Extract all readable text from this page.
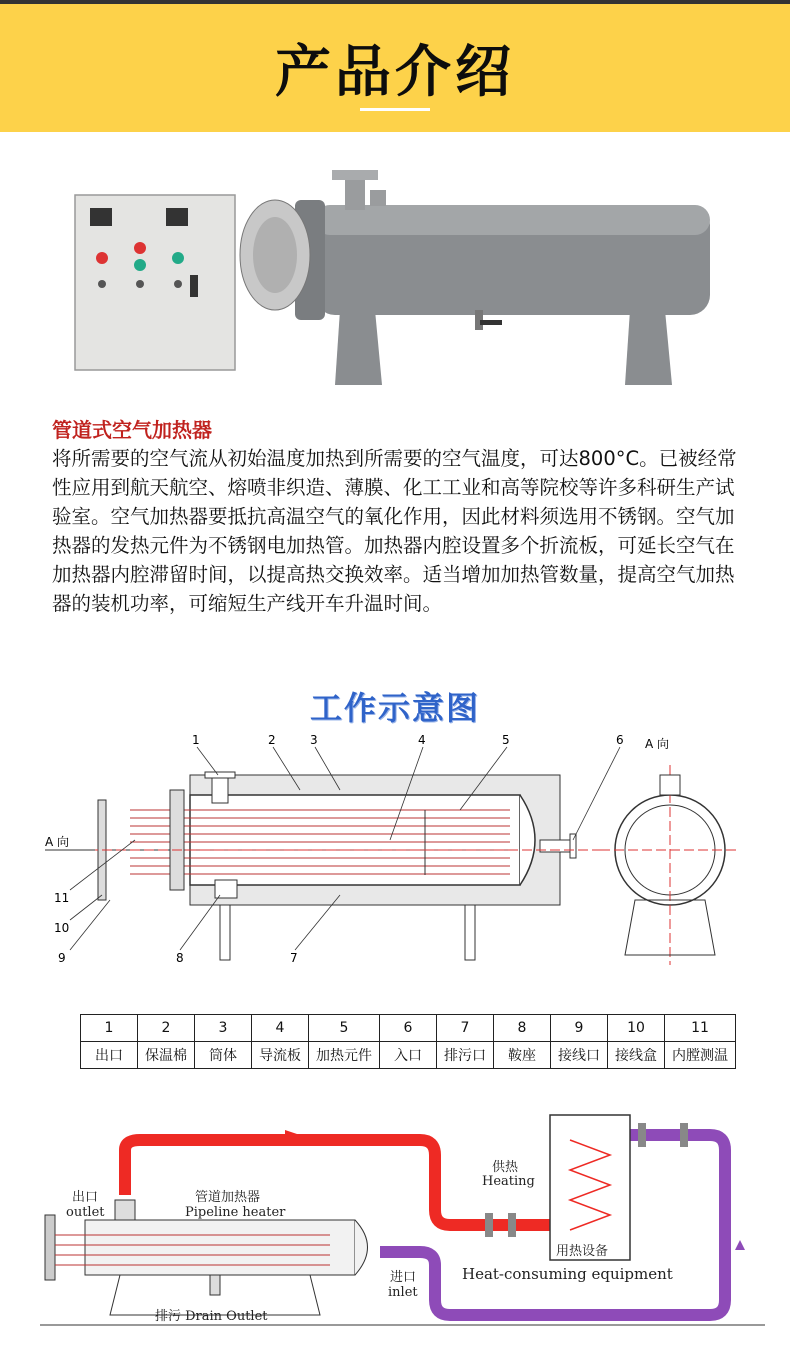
产品介绍
管道式空气加热器
将所需要的空气流从初始温度加热到所需要的空气温度，可达800°C。已被经常性应用到航天航空、熔喷非织造、薄膜、化工工业和高等院校等许多科研生产试验室。空气加热器要抵抗高温空气的氧化作用，因此材料须选用不锈钢。空气加热器的发热元件为不锈钢电加热管。加热器内腔设置多个折流板，可延长空气在加热器内腔滞留时间，以提高热交换效率。适当增加加热管数量，提高空气加热器的装机功率，可缩短生产线开车升温时间。
工作示意图
A 向
A 向
1	2	3	4	5	6
7
8
9
10
11
1	2	3	4	5	6	7	8	9	10	11
出口	保温棉	筒体	导流板	加热元件	入口	排污口	鞍座	接线口	接线盒	内膛测温
出口
outlet
管道加热器
Pipeline heater
供热
Heating
用热设备
Heat-consuming equipment
进口
inlet
排污 Drain Outlet
